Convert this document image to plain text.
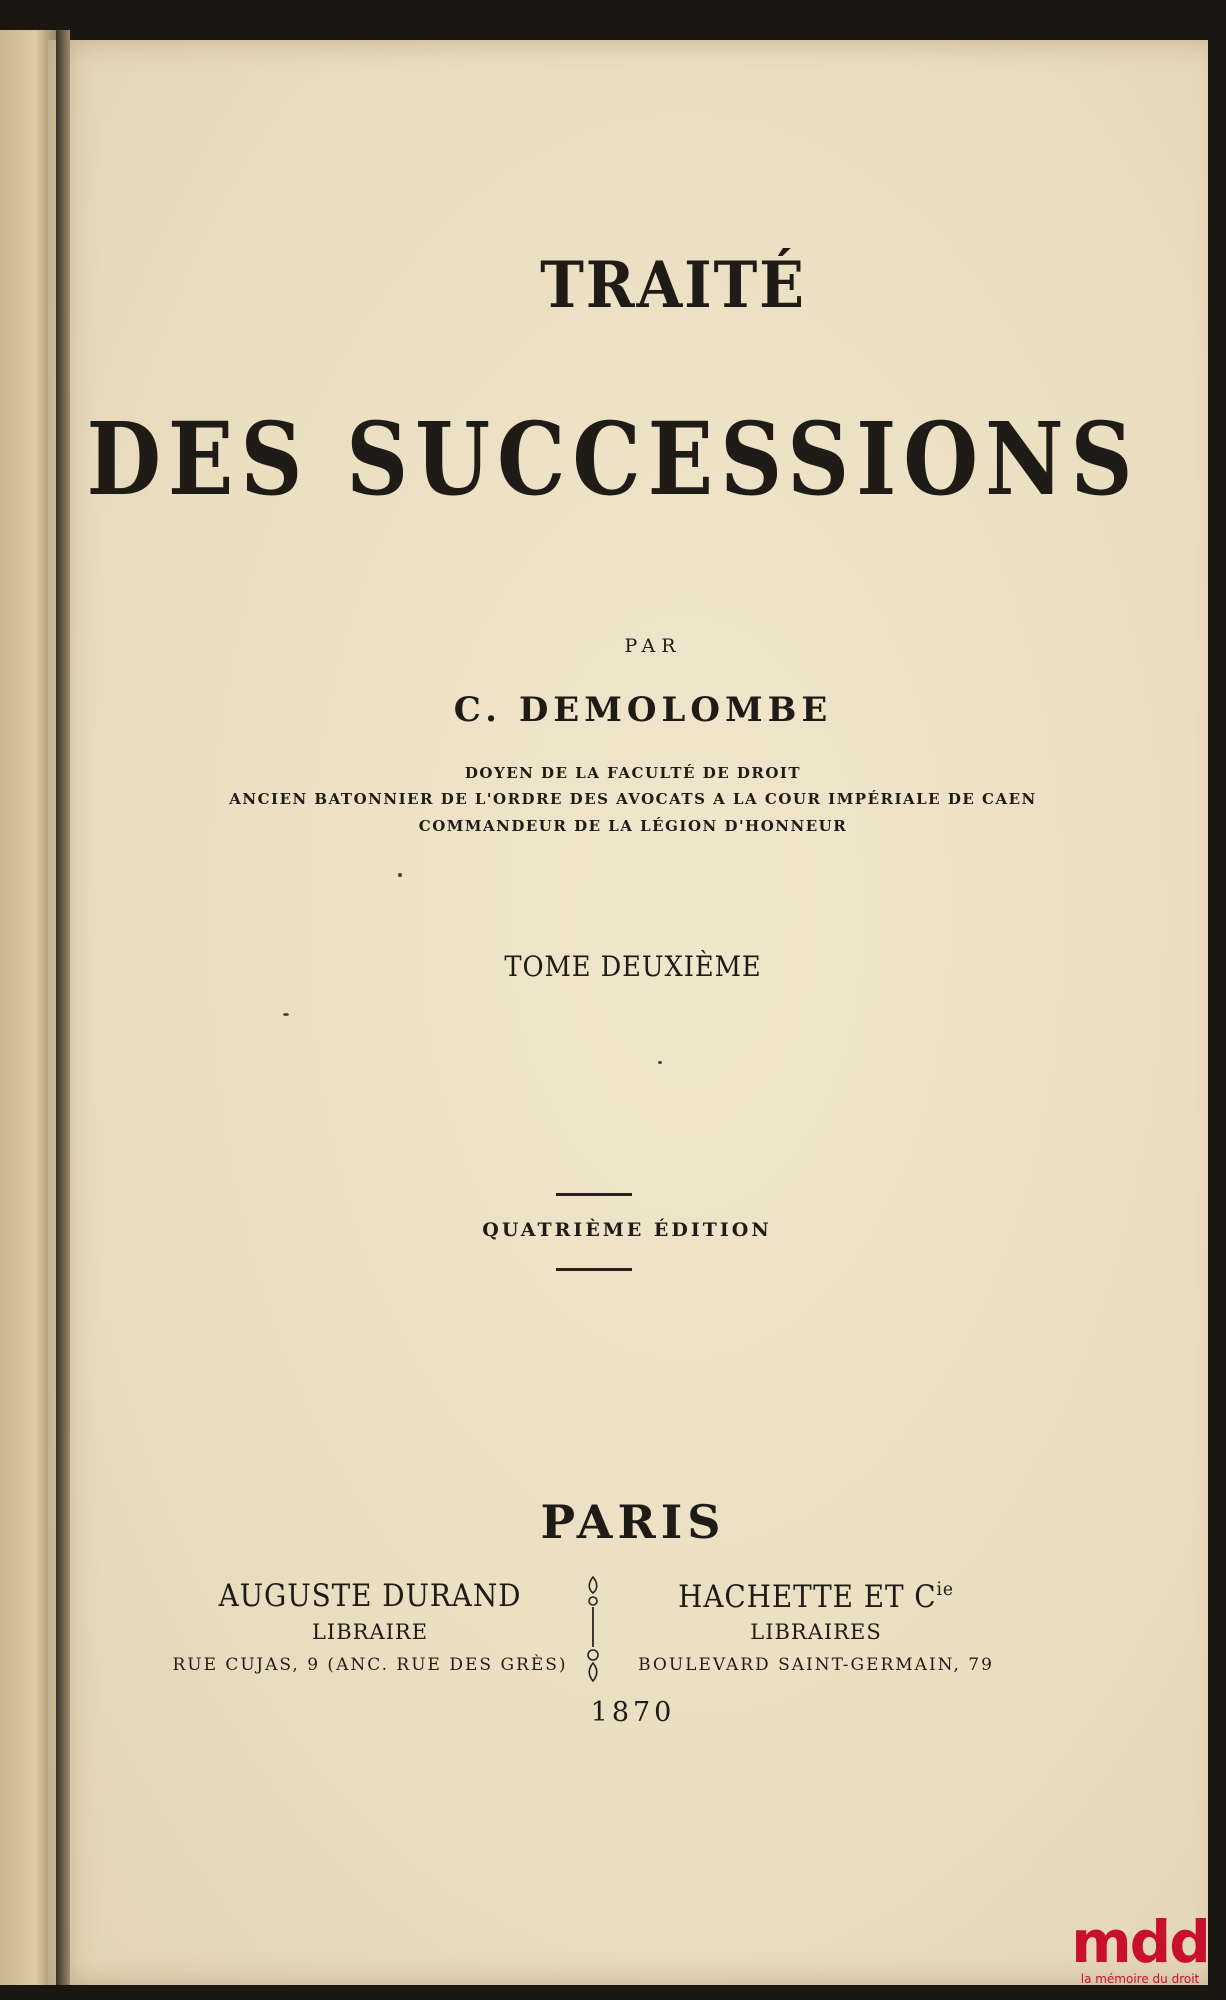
TRAITÉ
DES SUCCESSIONS
PAR
C. DEMOLOMBE
DOYEN DE LA FACULTÉ DE DROIT
ANCIEN BATONNIER DE L'ORDRE DES AVOCATS A LA COUR IMPÉRIALE DE CAEN
COMMANDEUR DE LA LÉGION D'HONNEUR
TOME DEUXIÈME
QUATRIÈME ÉDITION
PARIS
AUGUSTE DURAND
LIBRAIRE
RUE CUJAS, 9 (ANC. RUE DES GRÈS)
HACHETTE ET $C^{ie}$
LIBRAIRES
BOULEVARD SAINT-GERMAIN, 79
1870
mdd
la mémoire du droit
